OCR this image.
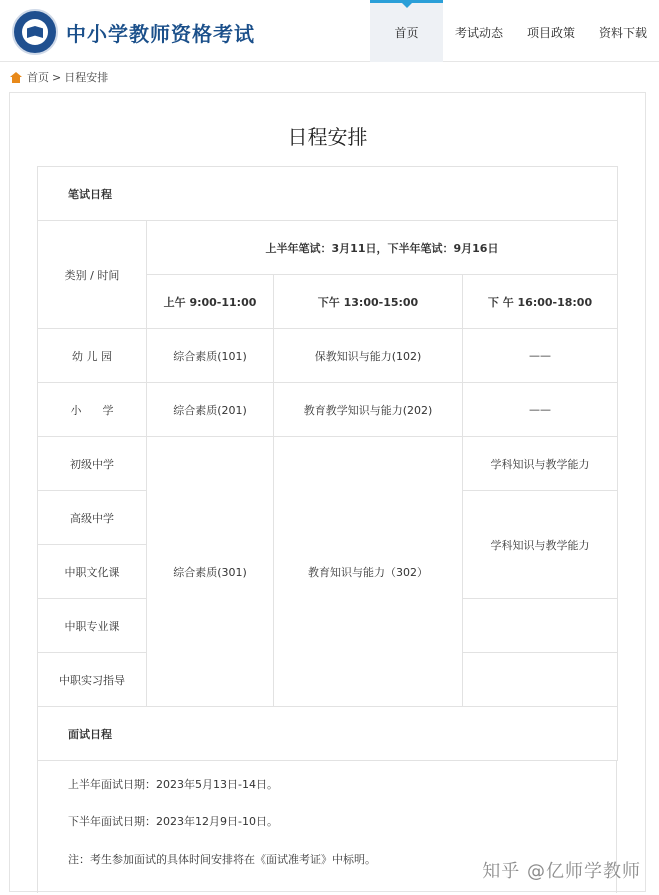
中小学教师资格考试	首页	考试动态	项目政策	资料下载
首页 > 日程安排
日程安排
笔试日程			
类别 / 时间	上半年笔试：3月11日，下半年笔试：9月16日		
	上午 9:00-11:00	下午 13:00-15:00	下 午 16:00-18:00
幼 儿 园	综合素质(101)	保教知识与能力(102)	——
小      学	综合素质(201)	教育教学知识与能力(202)	——
初级中学	综合素质(301)	教育知识与能力（302）	学科知识与教学能力
高级中学			学科知识与教学能力
中职文化课			
中职专业课			
中职实习指导			
面试日程			

上半年面试日期：2023年5月13日-14日。

下半年面试日期：2023年12月9日-10日。

注：考生参加面试的具体时间安排将在《面试准考证》中标明。

知乎 @亿师学教师
